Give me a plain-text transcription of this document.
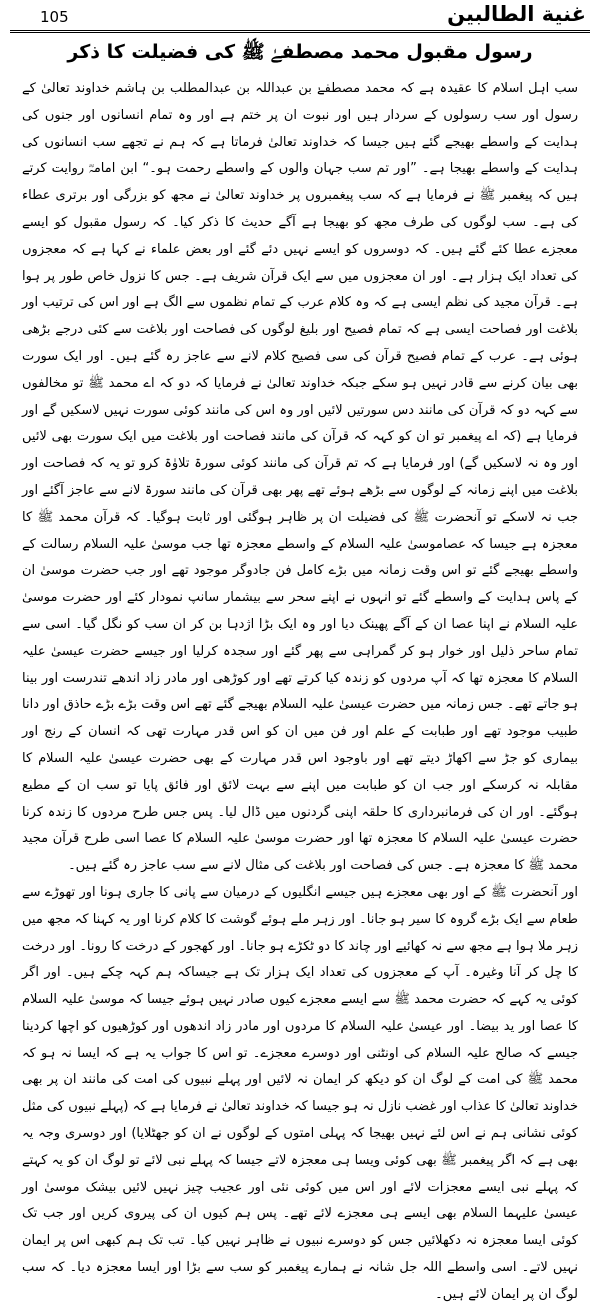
105	غنية الطالبين
رسول مقبول محمد مصطفےٰ ﷺ کی فضیلت کا ذکر

سب اہل اسلام کا عقیدہ ہے کہ محمد مصطفےٰ بن عبداللہ بن عبدالمطلب بن ہاشم خداوند تعالیٰ کے رسول اور سب رسولوں کے سردار ہیں اور نبوت ان پر ختم ہے اور وہ تمام انسانوں اور جنوں کی ہدایت کے واسطے بھیجے گئے ہیں جیسا کہ خداوند تعالیٰ فرماتا ہے کہ ہم نے تجھے سب انسانوں کی ہدایت کے واسطے بھیجا ہے۔ ”اور تم سب جہان والوں کے واسطے رحمت ہو۔“ ابن امامہؓ روایت کرتے ہیں کہ پیغمبر ﷺ نے فرمایا ہے کہ سب پیغمبروں پر خداوند تعالیٰ نے مجھ کو بزرگی اور برتری عطاء کی ہے۔ سب لوگوں کی طرف مجھ کو بھیجا ہے آگے حدیث کا ذکر کیا۔ کہ رسول مقبول کو ایسے معجزے عطا کئے گئے ہیں۔ کہ دوسروں کو ایسے نہیں دئے گئے اور بعض علماء نے کہا ہے کہ معجزوں کی تعداد ایک ہزار ہے۔ اور ان معجزوں میں سے ایک قرآن شریف ہے۔ جس کا نزول خاص طور پر ہوا ہے۔ قرآن مجید کی نظم ایسی ہے کہ وہ کلام عرب کے تمام نظموں سے الگ ہے اور اس کی ترتیب اور بلاغت اور فصاحت ایسی ہے کہ تمام فصیح اور بلیغ لوگوں کی فصاحت اور بلاغت سے کئی درجے بڑھی ہوئی ہے۔ عرب کے تمام فصیح قرآن کی سی فصیح کلام لانے سے عاجز رہ گئے ہیں۔ اور ایک سورت بھی بیان کرنے سے قادر نہیں ہو سکے جبکہ خداوند تعالیٰ نے فرمایا کہ دو کہ اے محمد ﷺ تو مخالفوں سے کہہ دو کہ قرآن کی مانند دس سورتیں لائیں اور وہ اس کی مانند کوئی سورت نہیں لاسکیں گے اور فرمایا ہے (کہ اے پیغمبر تو ان کو کہہ کہ قرآن کی مانند فصاحت اور بلاغت میں ایک سورت بھی لائیں اور وہ نہ لاسکیں گے) اور فرمایا ہے کہ تم قرآن کی مانند کوئی سورۃ تلاوٰۃ کرو تو یہ کہ فصاحت اور بلاغت میں اپنے زمانہ کے لوگوں سے بڑھے ہوئے تھے پھر بھی قرآن کی مانند سورۃ لانے سے عاجز آگئے اور جب نہ لاسکے تو آنحضرت ﷺ کی فضیلت ان پر ظاہر ہوگئی اور ثابت ہوگیا۔ کہ قرآن محمد ﷺ کا معجزہ ہے جیسا کہ عصاموسیٰ علیہ السلام کے واسطے معجزہ تھا جب موسیٰ علیہ السلام رسالت کے واسطے بھیجے گئے تو اس وقت زمانہ میں بڑے کامل فن جادوگر موجود تھے اور جب حضرت موسیٰ ان کے پاس ہدایت کے واسطے گئے تو انہوں نے اپنے سحر سے بیشمار سانپ نمودار کئے اور حضرت موسیٰ علیہ السلام نے اپنا عصا ان کے آگے پھینک دیا اور وہ ایک بڑا اژدہا بن کر ان سب کو نگل گیا۔ اسی سے تمام ساحر ذلیل اور خوار ہو کر گمراہی سے پھر گئے اور سجدہ کرلیا اور جیسے حضرت عیسیٰ علیہ السلام کا معجزہ تھا کہ آپ مردوں کو زندہ کیا کرتے تھے اور کوڑھی اور مادر زاد اندھے تندرست اور بینا ہو جاتے تھے۔ جس زمانہ میں حضرت عیسیٰ علیہ السلام بھیجے گئے تھے اس وقت بڑے بڑے حاذق اور دانا طبیب موجود تھے اور طبابت کے علم اور فن میں ان کو اس قدر مہارت تھی کہ انسان کے رنج اور بیماری کو جڑ سے اکھاڑ دیتے تھے اور باوجود اس قدر مہارت کے بھی حضرت عیسیٰ علیہ السلام کا مقابلہ نہ کرسکے اور جب ان کو طبابت میں اپنے سے بہت لائق اور فائق پایا تو سب ان کے مطیع ہوگئے۔ اور ان کی فرمانبرداری کا حلقہ اپنی گردنوں میں ڈال لیا۔ پس جس طرح مردوں کا زندہ کرنا حضرت عیسیٰ علیہ السلام کا معجزہ تھا اور حضرت موسیٰ علیہ السلام کا عصا اسی طرح قرآن مجید محمد ﷺ کا معجزہ ہے۔ جس کی فصاحت اور بلاغت کی مثال لانے سے سب عاجز رہ گئے ہیں۔

اور آنحضرت ﷺ کے اور بھی معجزے ہیں جیسے انگلیوں کے درمیان سے پانی کا جاری ہونا اور تھوڑے سے طعام سے ایک بڑے گروہ کا سیر ہو جانا۔ اور زہر ملے ہوئے گوشت کا کلام کرنا اور یہ کہنا کہ مجھ میں زہر ملا ہوا ہے مجھ سے نہ کھائیے اور چاند کا دو ٹکڑے ہو جانا۔ اور کھجور کے درخت کا رونا۔ اور درخت کا چل کر آنا وغیرہ۔ آپ کے معجزوں کی تعداد ایک ہزار تک ہے جیساکہ ہم کہہ چکے ہیں۔ اور اگر کوئی یہ کہے کہ حضرت محمد ﷺ سے ایسے معجزے کیوں صادر نہیں ہوئے جیسا کہ موسیٰ علیہ السلام کا عصا اور ید بیضا۔ اور عیسیٰ علیہ السلام کا مردوں اور مادر زاد اندھوں اور کوڑھیوں کو اچھا کردینا جیسے کہ صالح علیہ السلام کی اونٹنی اور دوسرے معجزے۔ تو اس کا جواب یہ ہے کہ ایسا نہ ہو کہ محمد ﷺ کی امت کے لوگ ان کو دیکھ کر ایمان نہ لائیں اور پہلے نبیوں کی امت کی مانند ان پر بھی خداوند تعالیٰ کا عذاب اور غضب نازل نہ ہو جیسا کہ خداوند تعالیٰ نے فرمایا ہے کہ (پہلے نبیوں کی مثل کوئی نشانی ہم نے اس لئے نہیں بھیجا کہ پہلی امتوں کے لوگوں نے ان کو جھٹلایا) اور دوسری وجہ یہ بھی ہے کہ اگر پیغمبر ﷺ بھی کوئی ویسا ہی معجزہ لاتے جیسا کہ پہلے نبی لائے تو لوگ ان کو یہ کہتے کہ پہلے نبی ایسے معجزات لائے اور اس میں کوئی نئی اور عجیب چیز نہیں لائیں بیشک موسیٰ اور عیسیٰ علیہما السلام بھی ایسے ہی معجزے لائے تھے۔ پس ہم کیوں ان کی پیروی کریں اور جب تک کوئی ایسا معجزہ نہ دکھلائیں جس کو دوسرے نبیوں نے ظاہر نہیں کیا۔ تب تک ہم کبھی اس پر ایمان نہیں لاتے۔ اسی واسطے اللہ جل شانہ نے ہمارے پیغمبر کو سب سے بڑا اور ایسا معجزہ دیا۔ کہ سب لوگ ان پر ایمان لائے ہیں۔
